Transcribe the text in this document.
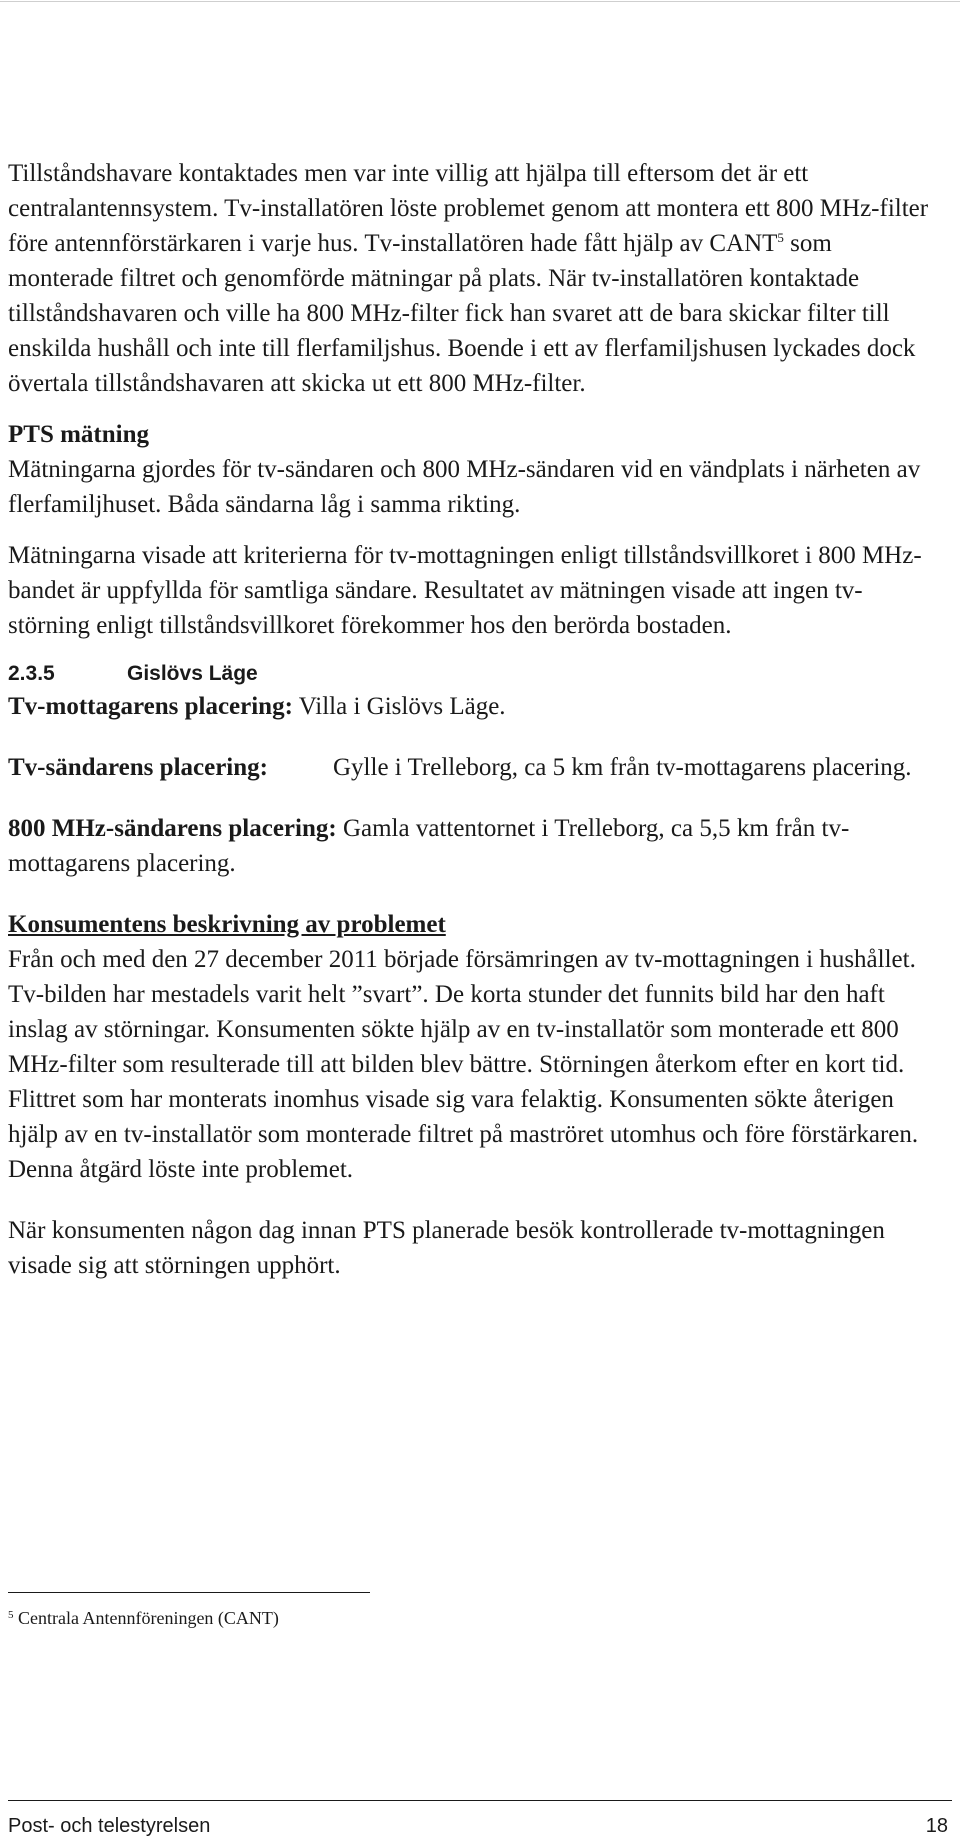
Tillståndshavare kontaktades men var inte villig att hjälpa till eftersom det är ett centralantennsystem. Tv-installatören löste problemet genom att montera ett 800 MHz-filter före antennförstärkaren i varje hus. Tv-installatören hade fått hjälp av CANT$^5$ som monterade filtret och genomförde mätningar på plats. När tv-installatören kontaktade tillståndshavaren och ville ha 800 MHz-filter fick han svaret att de bara skickar filter till enskilda hushåll och inte till flerfamiljshus. Boende i ett av flerfamiljshusen lyckades dock övertala tillståndshavaren att skicka ut ett 800 MHz-filter.

PTS mätning

Mätningarna gjordes för tv-sändaren och 800 MHz-sändaren vid en vändplats i närheten av flerfamiljhuset. Båda sändarna låg i samma rikting.

Mätningarna visade att kriterierna för tv-mottagningen enligt tillståndsvillkoret i 800 MHz-bandet är uppfyllda för samtliga sändare. Resultatet av mätningen visade att ingen tv-störning enligt tillståndsvillkoret förekommer hos den berörda bostaden.

2.3.5	Gislövs Läge

Tv-mottagarens placering: Villa i Gislövs Läge.

Tv-sändarens placering:	Gylle i Trelleborg, ca 5 km från tv-mottagarens placering.

800 MHz-sändarens placering: Gamla vattentornet i Trelleborg, ca 5,5 km från tv-mottagarens placering.

Konsumentens beskrivning av problemet

Från och med den 27 december 2011 började försämringen av tv-mottagningen i hushållet. Tv-bilden har mestadels varit helt ”svart”. De korta stunder det funnits bild har den haft inslag av störningar. Konsumenten sökte hjälp av en tv-installatör som monterade ett 800 MHz-filter som resulterade till att bilden blev bättre. Störningen återkom efter en kort tid. Flittret som har monterats inomhus visade sig vara felaktig. Konsumenten sökte återigen hjälp av en tv-installatör som monterade filtret på maströret utomhus och före förstärkaren. Denna åtgärd löste inte problemet.

När konsumenten någon dag innan PTS planerade besök kontrollerade tv-mottagningen visade sig att störningen upphört.

$^5$ Centrala Antennföreningen (CANT)
Post- och telestyrelsen	18
